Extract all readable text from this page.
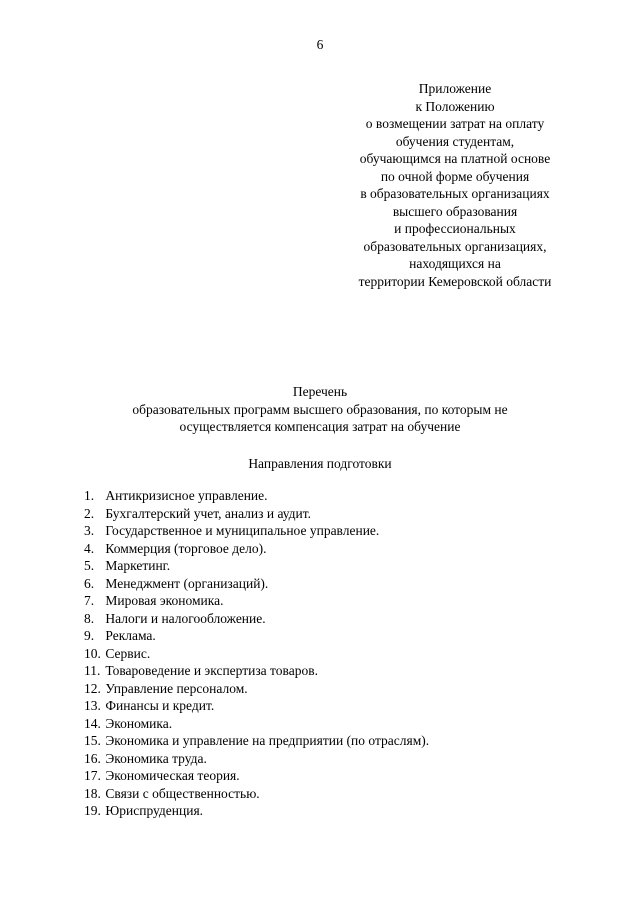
6
Приложение
к Положению
о возмещении затрат на оплату
обучения студентам,
обучающимся на платной основе
по очной форме обучения
в образовательных организациях
высшего образования
и профессиональных
образовательных организациях,
находящихся на
территории Кемеровской области
Перечень
образовательных программ высшего образования, по которым не
осуществляется компенсация затрат на обучение
Направления подготовки
1. Антикризисное управление.
2. Бухгалтерский учет, анализ и аудит.
3. Государственное и муниципальное управление.
4. Коммерция (торговое дело).
5. Маркетинг.
6. Менеджмент (организаций).
7. Мировая экономика.
8. Налоги и налогообложение.
9. Реклама.
10. Сервис.
11. Товароведение и экспертиза товаров.
12. Управление персоналом.
13. Финансы и кредит.
14. Экономика.
15. Экономика и управление на предприятии (по отраслям).
16. Экономика труда.
17. Экономическая теория.
18. Связи с общественностью.
19. Юриспруденция.
